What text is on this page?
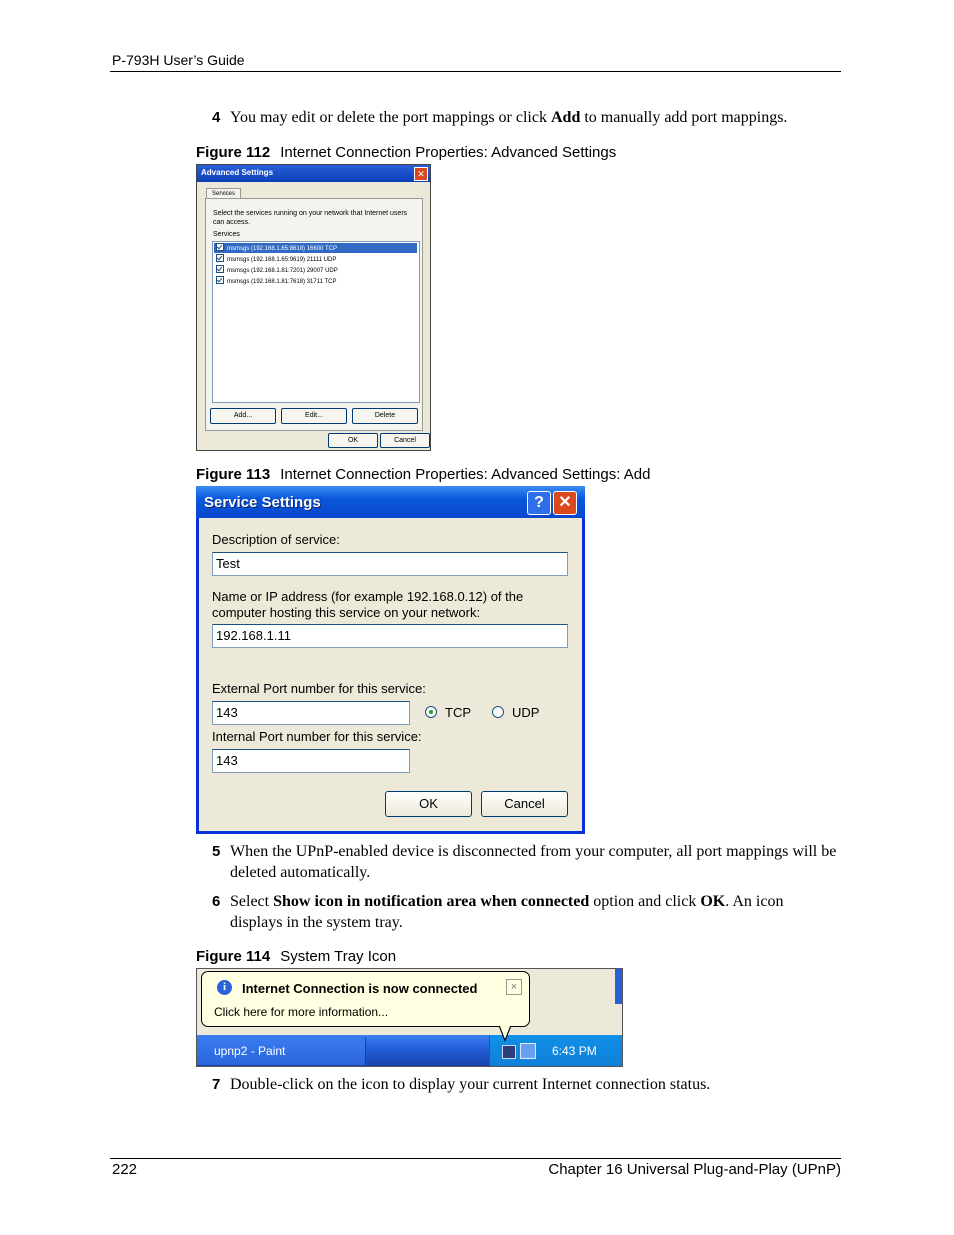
P-793H User’s Guide
4 You may edit or delete the port mappings or click Add to manually add port mappings.
Figure 112 Internet Connection Properties: Advanced Settings
Advanced Settings	✕
Services
Select the services running on your network that Internet users can access.
Services
msmsgs (192.168.1.65:8618) 16600 TCP
msmsgs (192.168.1.65:9619) 21111 UDP
msmsgs (192.168.1.81:7201) 29007 UDP
msmsgs (192.168.1.81:7618) 31711 TCP
Add...	Edit...	Delete
OK	Cancel
Figure 113 Internet Connection Properties: Advanced Settings: Add
Service Settings	? ✕
Description of service:
Test
Name or IP address (for example 192.168.0.12) of the
computer hosting this service on your network:
192.168.1.11
External Port number for this service:
143	TCP	UDP
Internal Port number for this service:
143
OK	Cancel
5 When the UPnP-enabled device is disconnected from your computer, all port mappings will be deleted automatically.
6 Select Show icon in notification area when connected option and click OK. An icon displays in the system tray.
Figure 114 System Tray Icon
upnp2 - Paint	6:43 PM
i	Internet Connection is now connected	×
Click here for more information...
7 Double-click on the icon to display your current Internet connection status.
222	Chapter 16 Universal Plug-and-Play (UPnP)
